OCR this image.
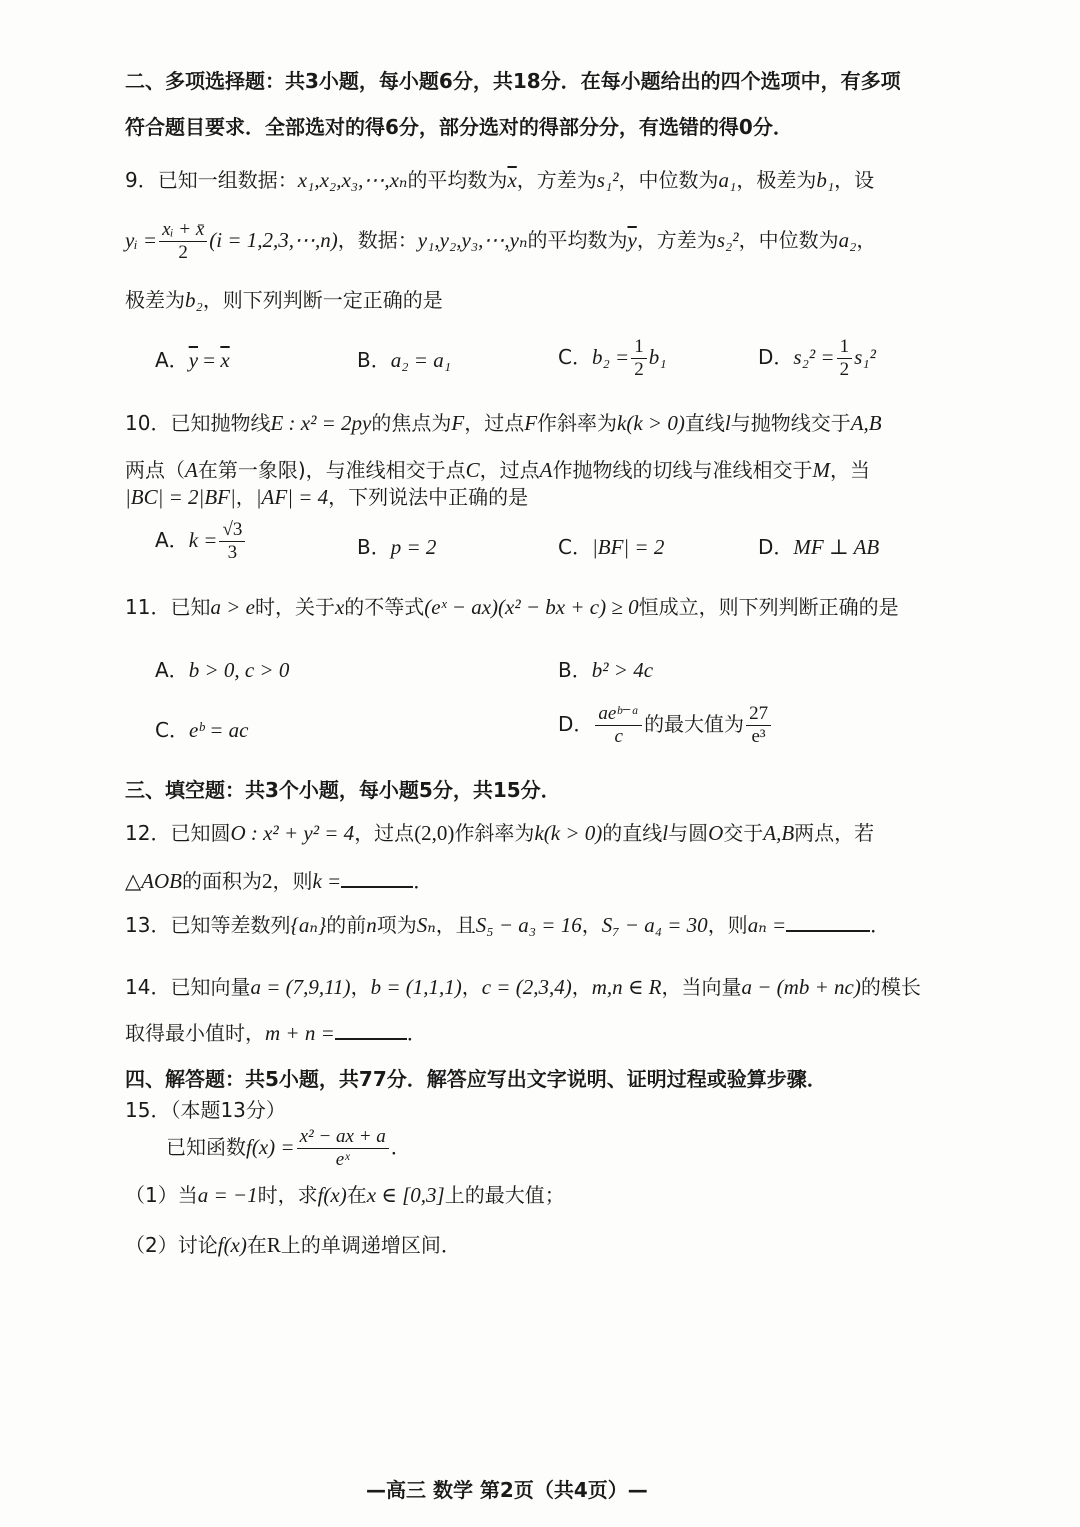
二、多项选择题：共3小题，每小题6分，共18分．在每小题给出的四个选项中，有多项
符合题目要求．全部选对的得6分，部分选对的得部分分，有选错的得0分．
9．已知一组数据：x₁,x₂,x₃,⋯,xₙ的平均数为$\overline{x}$，方差为s₁²，中位数为a₁，极差为b₁，设
yᵢ = $\frac{\text{xᵢ + x̄}}{2} (i$ = 1,2,3,⋯,n)，数据：y₁,y₂,y₃,⋯,yₙ的平均数为$\overline{y}$，方差为s₂²，中位数为a₂，
极差为b₂，则下列判断一定正确的是
A．$\overline{y} = \overline{x}$	B．a₂ = a₁	C．$b_2 = \frac{1}{2} b_1$	D．$s_2^2 = \frac{1}{2} s_1^2$
10．已知抛物线E : x² = 2py的焦点为F，过点F作斜率为k(k > 0)直线l与抛物线交于A,B
两点（A在第一象限)，与准线相交于点C，过点A作抛物线的切线与准线相交于M，当
|BC| = 2|BF|，|AF| = 4，下列说法中正确的是
A．$k = \frac{√3}{3}$	B．p = 2	C．|BF| = 2	D．MF ⊥ AB
11．已知a > e时，关于x的不等式(eˣ − ax)(x² − bx + c) ≥ 0恒成立，则下列判断正确的是
A．b > 0, c > 0	B．b² > 4c
C．eᵇ = ac	D． $\frac{\text{aeᵇ⁻ᵃ}}{c}$ 的最大值为 $\frac{27}{\text{e³}}$
三、填空题：共3个小题，每小题5分，共15分．
12．已知圆O : x² + y² = 4，过点(2,0)作斜率为k(k > 0)的直线l与圆O交于A,B两点，若
△AOB的面积为2，则k =	．
13．已知等差数列{aₙ}的前n项为Sₙ，且S₅ − a₃ = 16，S₇ − a₄ = 30，则aₙ =	．
14．已知向量a = (7,9,11)，b = (1,1,1)，c = (2,3,4)，m,n ∈ R，当向量a − (mb + nc)的模长
取得最小值时，m + n =	．
四、解答题：共5小题，共77分．解答应写出文字说明、证明过程或验算步骤．
15．（本题13分）
已知函数$f(x) = \frac{\text{x² − ax + a}}{\text{eˣ}}$ ．
（1）当a = −1时，求f(x)在x ∈ [0,3]上的最大值；
（2）讨论f(x)在R上的单调递增区间．
—高三 数学 第2页（共4页）—
